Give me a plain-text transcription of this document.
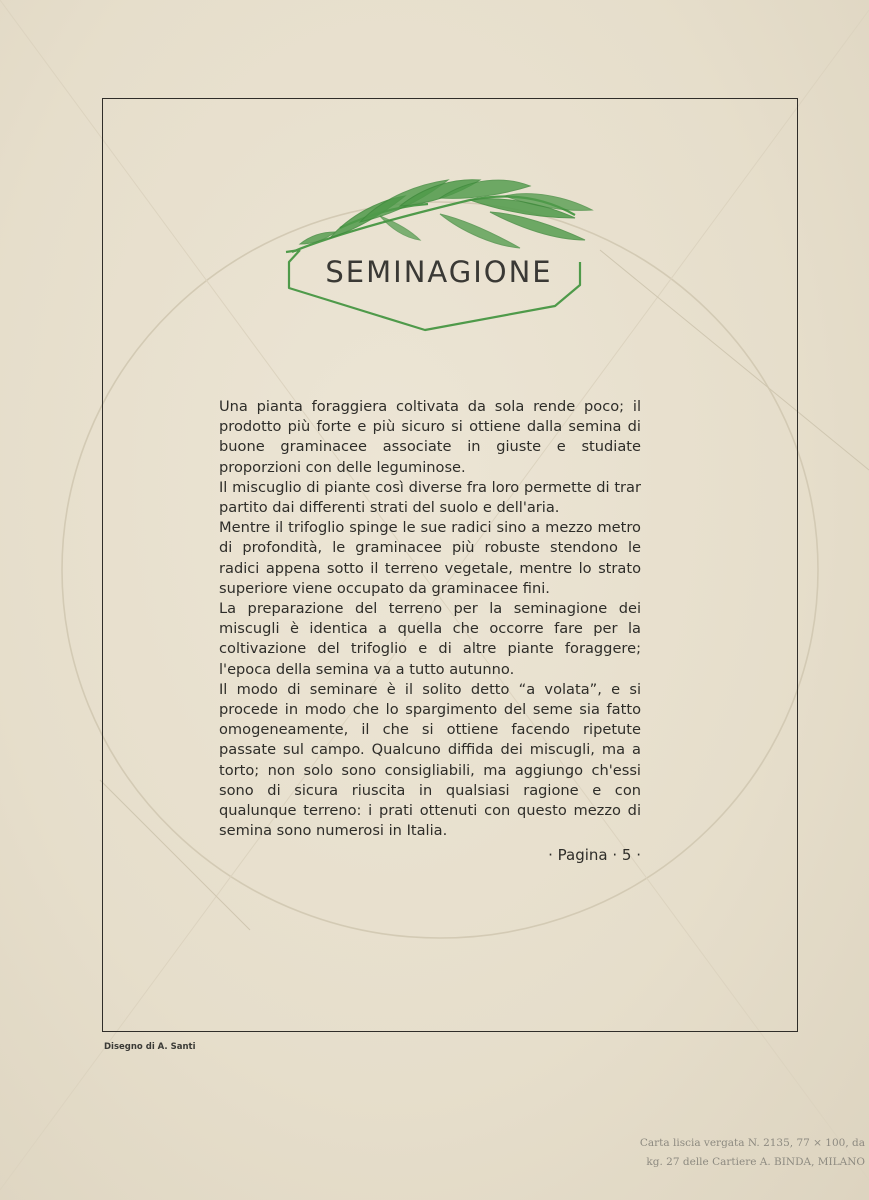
SEMINAGIONE

Una pianta foraggiera coltivata da sola rende poco; il prodotto più forte e più sicuro si ottiene dalla semina di buone graminacee associate in giuste e studiate proporzioni con delle leguminose.

Il miscuglio di piante così diverse fra loro permette di trar partito dai differenti strati del suolo e dell'aria.

Mentre il trifoglio spinge le sue radici sino a mezzo metro di profondità, le graminacee più robuste stendono le radici appena sotto il terreno vegetale, mentre lo strato superiore viene occupato da graminacee fini.

La preparazione del terreno per la seminagione dei miscugli è identica a quella che occorre fare per la coltivazione del trifoglio e di altre piante foraggere; l'epoca della semina va a tutto autunno.

Il modo di seminare è il solito detto “a volata”, e si procede in modo che lo spargimento del seme sia fatto omogeneamente, il che si ottiene facendo ripetute passate sul campo. Qualcuno diffida dei miscugli, ma a torto; non solo sono consigliabili, ma aggiungo ch'essi sono di sicura riuscita in qualsiasi ragione e con qualunque terreno: i prati ottenuti con questo mezzo di semina sono numerosi in Italia.

· Pagina · 5 ·
Disegno di A. Santi
Carta liscia vergata N. 2135, 77 × 100, da
kg. 27 delle Cartiere A. BINDA, MILANO
